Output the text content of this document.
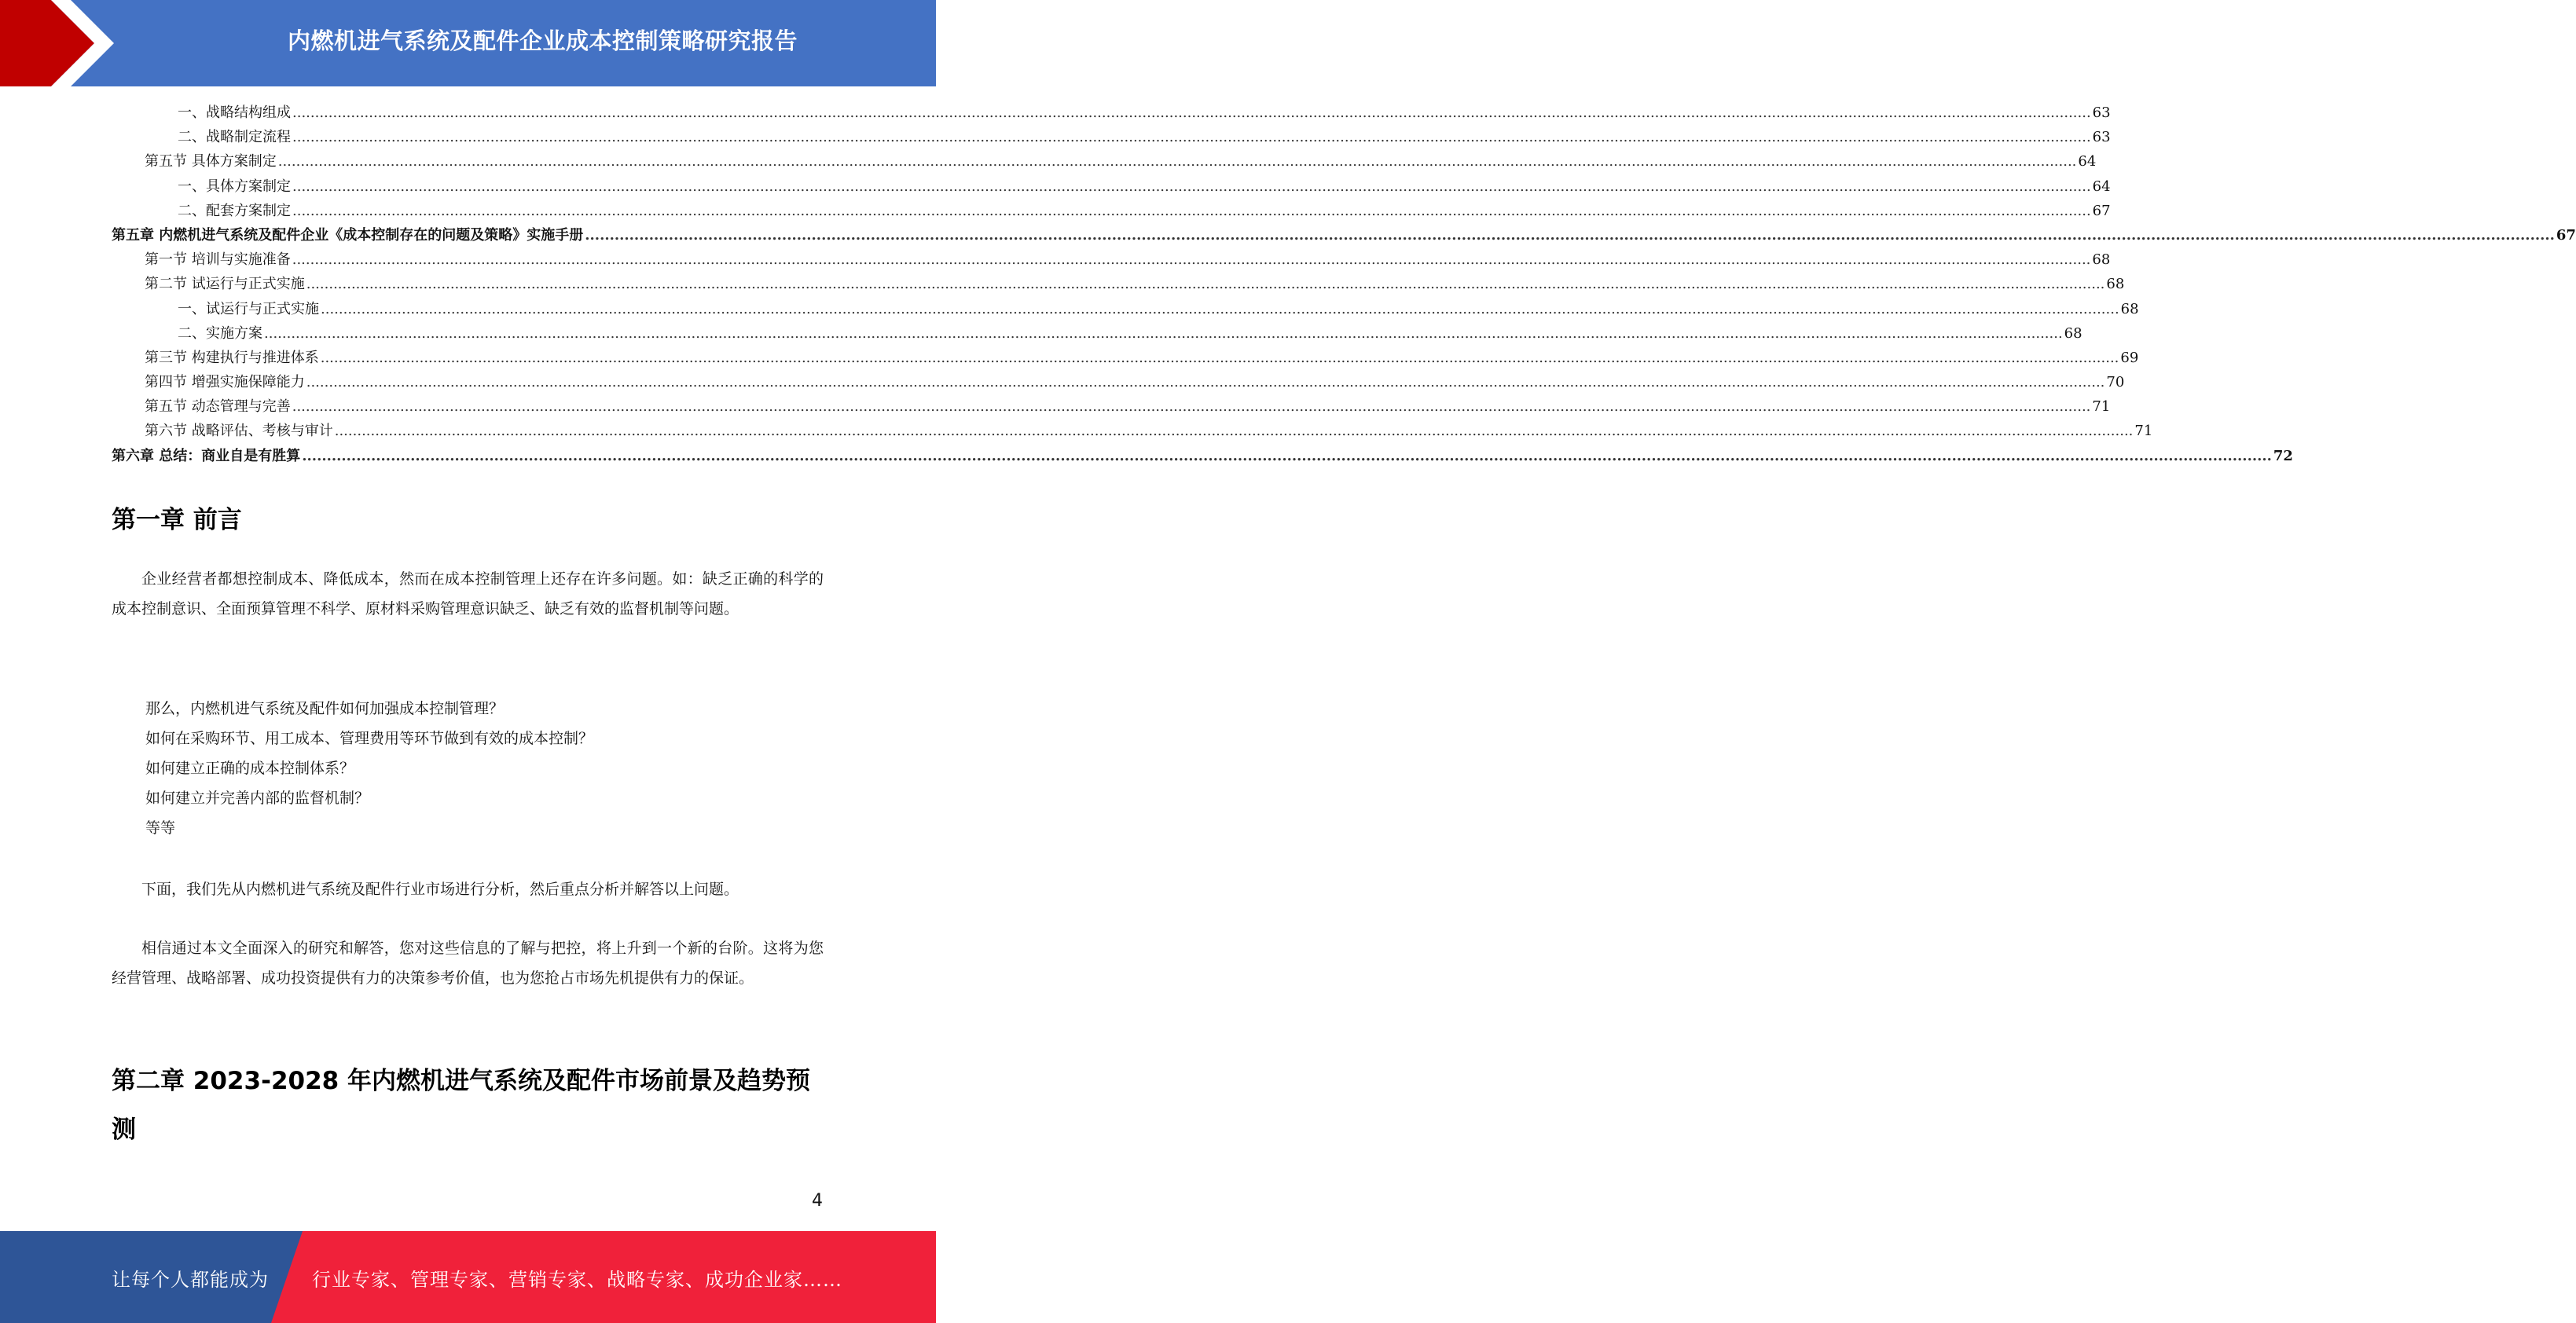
内燃机进气系统及配件企业成本控制策略研究报告
一、战略结构组成 ................................................................................................................................................................................................................................................................................................................................................................................................................ 63
二、战略制定流程 ................................................................................................................................................................................................................................................................................................................................................................................................................ 63
第五节 具体方案制定 ................................................................................................................................................................................................................................................................................................................................................................................................................ 64
一、具体方案制定 ................................................................................................................................................................................................................................................................................................................................................................................................................ 64
二、配套方案制定 ................................................................................................................................................................................................................................................................................................................................................................................................................ 67
第五章 内燃机进气系统及配件企业《成本控制存在的问题及策略》实施手册 ................................................................................................................................................................................................................................................................................................................................................................................................................ 67
第一节 培训与实施准备 ................................................................................................................................................................................................................................................................................................................................................................................................................ 68
第二节 试运行与正式实施 ................................................................................................................................................................................................................................................................................................................................................................................................................ 68
一、试运行与正式实施 ................................................................................................................................................................................................................................................................................................................................................................................................................ 68
二、实施方案 ................................................................................................................................................................................................................................................................................................................................................................................................................ 68
第三节 构建执行与推进体系 ................................................................................................................................................................................................................................................................................................................................................................................................................ 69
第四节 增强实施保障能力 ................................................................................................................................................................................................................................................................................................................................................................................................................ 70
第五节 动态管理与完善 ................................................................................................................................................................................................................................................................................................................................................................................................................ 71
第六节 战略评估、考核与审计 ................................................................................................................................................................................................................................................................................................................................................................................................................ 71
第六章 总结：商业自是有胜算 ................................................................................................................................................................................................................................................................................................................................................................................................................ 72
第一章 前言

企业经营者都想控制成本、降低成本，然而在成本控制管理上还存在许多问题。如：缺乏正确的科学的成本控制意识、全面预算管理不科学、原材料采购管理意识缺乏、缺乏有效的监督机制等问题。

那么，内燃机进气系统及配件如何加强成本控制管理？
如何在采购环节、用工成本、管理费用等环节做到有效的成本控制？
如何建立正确的成本控制体系？
如何建立并完善内部的监督机制？
等等

下面，我们先从内燃机进气系统及配件行业市场进行分析，然后重点分析并解答以上问题。

相信通过本文全面深入的研究和解答，您对这些信息的了解与把控，将上升到一个新的台阶。这将为您经营管理、战略部署、成功投资提供有力的决策参考价值，也为您抢占市场先机提供有力的保证。

第二章 2023-2028 年内燃机进气系统及配件市场前景及趋势预
测
4
让每个人都能成为 行业专家、管理专家、营销专家、战略专家、成功企业家……
